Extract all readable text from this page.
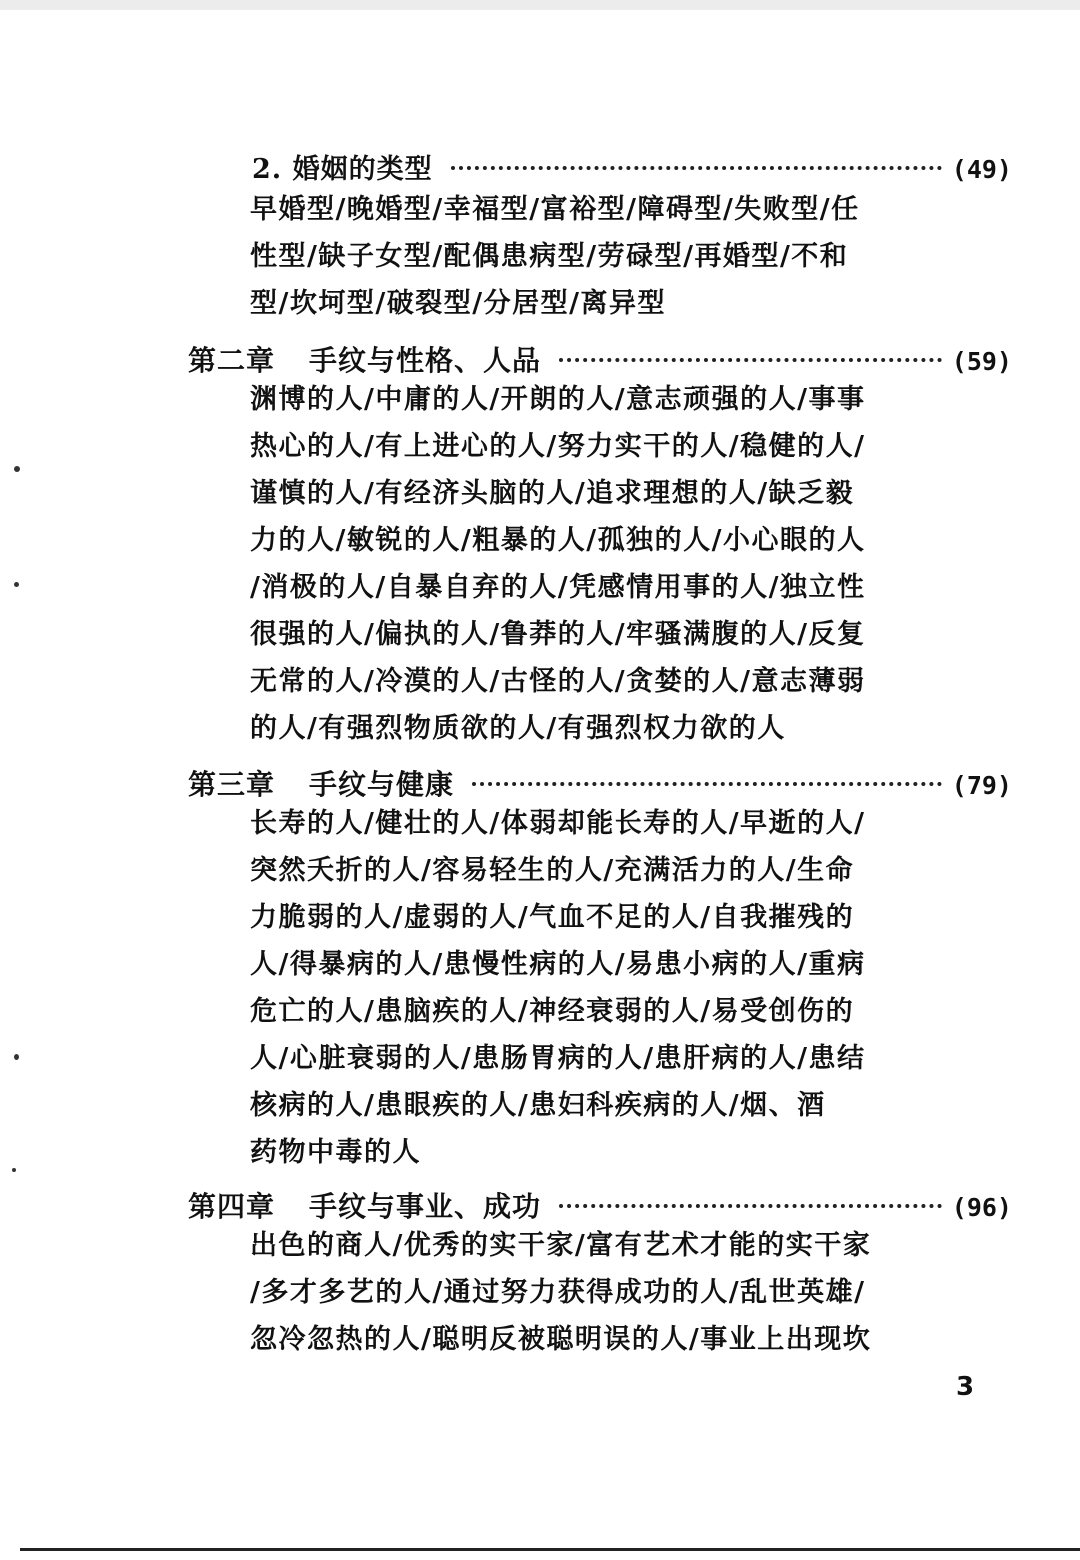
2. 婚姻的类型	(49)
早婚型/晚婚型/幸福型/富裕型/障碍型/失败型/任
性型/缺子女型/配偶患病型/劳碌型/再婚型/不和
型/坎坷型/破裂型/分居型/离异型
第二章 手纹与性格、人品	(59)
渊博的人/中庸的人/开朗的人/意志顽强的人/事事
热心的人/有上进心的人/努力实干的人/稳健的人/
谨慎的人/有经济头脑的人/追求理想的人/缺乏毅
力的人/敏锐的人/粗暴的人/孤独的人/小心眼的人
/消极的人/自暴自弃的人/凭感情用事的人/独立性
很强的人/偏执的人/鲁莽的人/牢骚满腹的人/反复
无常的人/冷漠的人/古怪的人/贪婪的人/意志薄弱
的人/有强烈物质欲的人/有强烈权力欲的人
第三章 手纹与健康	(79)
长寿的人/健壮的人/体弱却能长寿的人/早逝的人/
突然夭折的人/容易轻生的人/充满活力的人/生命
力脆弱的人/虚弱的人/气血不足的人/自我摧残的
人/得暴病的人/患慢性病的人/易患小病的人/重病
危亡的人/患脑疾的人/神经衰弱的人/易受创伤的
人/心脏衰弱的人/患肠胃病的人/患肝病的人/患结
核病的人/患眼疾的人/患妇科疾病的人/烟、酒
药物中毒的人
第四章 手纹与事业、成功	(96)
出色的商人/优秀的实干家/富有艺术才能的实干家
/多才多艺的人/通过努力获得成功的人/乱世英雄/
忽冷忽热的人/聪明反被聪明误的人/事业上出现坎
3
